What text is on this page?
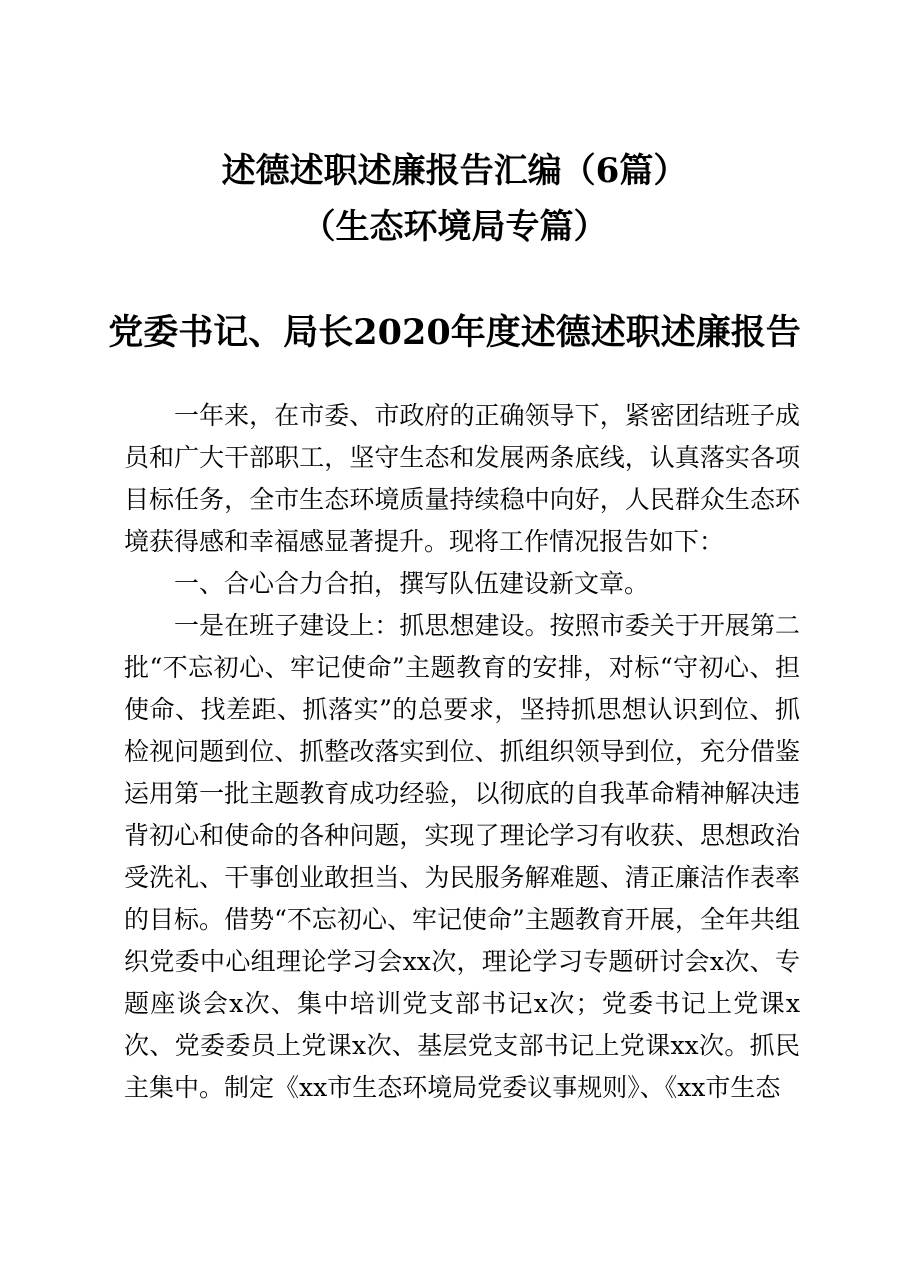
述德述职述廉报告汇编（6篇）
（生态环境局专篇）
党委书记、局长2020年度述德述职述廉报告

一年来，在市委、市政府的正确领导下，紧密团结班子成员和广大干部职工，坚守生态和发展两条底线，认真落实各项目标任务，全市生态环境质量持续稳中向好，人民群众生态环境获得感和幸福感显著提升。现将工作情况报告如下：

一、合心合力合拍，撰写队伍建设新文章。

一是在班子建设上：抓思想建设。按照市委关于开展第二批“不忘初心、牢记使命”主题教育的安排，对标“守初心、担使命、找差距、抓落实”的总要求，坚持抓思想认识到位、抓检视问题到位、抓整改落实到位、抓组织领导到位，充分借鉴运用第一批主题教育成功经验，以彻底的自我革命精神解决违背初心和使命的各种问题，实现了理论学习有收获、思想政治受洗礼、干事创业敢担当、为民服务解难题、清正廉洁作表率的目标。借势“不忘初心、牢记使命”主题教育开展，全年共组织党委中心组理论学习会xx次，理论学习专题研讨会x次、专题座谈会x次、集中培训党支部书记x次；党委书记上党课x次、党委委员上党课x次、基层党支部书记上党课xx次。抓民主集中。制定《xx市生态环境局党委议事规则》、《xx市生态
